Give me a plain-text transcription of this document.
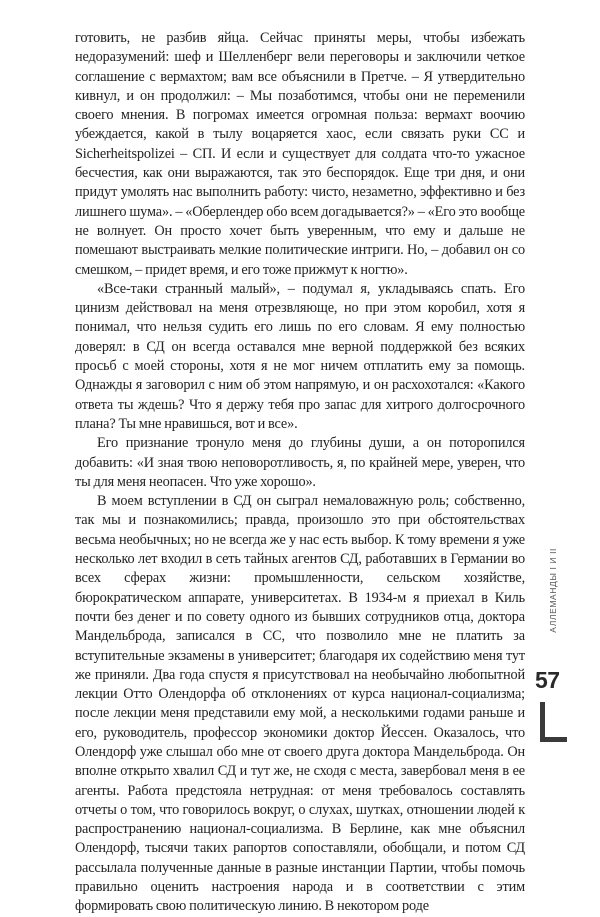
готовить, не разбив яйца. Сейчас приняты меры, чтобы избежать недоразумений: шеф и Шелленберг вели переговоры и заключили четкое соглашение с вермахтом; вам все объяснили в Претче. – Я утвердительно кивнул, и он продолжил: – Мы позаботимся, чтобы они не переменили своего мнения. В погромах имеется огромная польза: вермахт воочию убеждается, какой в тылу воцаряется хаос, если связать руки СС и Sicherheitspolizei – СП. И если и существует для солдата что-то ужасное бесчестия, как они выражаются, так это беспорядок. Еще три дня, и они придут умолять нас выполнить работу: чисто, незаметно, эффективно и без лишнего шума». – «Оберлендер обо всем догадывается?» – «Его это вообще не волнует. Он просто хочет быть уверенным, что ему и дальше не помешают выстраивать мелкие политические интриги. Но, – добавил он со смешком, – придет время, и его тоже прижмут к ногтю».

«Все-таки странный малый», – подумал я, укладываясь спать. Его цинизм действовал на меня отрезвляюще, но при этом коробил, хотя я понимал, что нельзя судить его лишь по его словам. Я ему полностью доверял: в СД он всегда оставался мне верной поддержкой без всяких просьб с моей стороны, хотя я не мог ничем отплатить ему за помощь. Однажды я заговорил с ним об этом напрямую, и он расхохотался: «Какого ответа ты ждешь? Что я держу тебя про запас для хитрого долгосрочного плана? Ты мне нравишься, вот и все».

Его признание тронуло меня до глубины души, а он поторопился добавить: «И зная твою неповоротливость, я, по крайней мере, уверен, что ты для меня неопасен. Что уже хорошо».

В моем вступлении в СД он сыграл немаловажную роль; собственно, так мы и познакомились; правда, произошло это при обстоятельствах весьма необычных; но не всегда же у нас есть выбор. К тому времени я уже несколько лет входил в сеть тайных агентов СД, работавших в Германии во всех сферах жизни: промышленности, сельском хозяйстве, бюрократическом аппарате, университетах. В 1934-м я приехал в Киль почти без денег и по совету одного из бывших сотрудников отца, доктора Мандельброда, записался в СС, что позволило мне не платить за вступительные экзамены в университет; благодаря их содействию меня тут же приняли. Два года спустя я присутствовал на необычайно любопытной лекции Отто Олендорфа об отклонениях от курса национал-социализма; после лекции меня представили ему мой, а несколькими годами раньше и его, руководитель, профессор экономики доктор Йессен. Оказалось, что Олендорф уже слышал обо мне от своего друга доктора Мандельброда. Он вполне открыто хвалил СД и тут же, не сходя с места, завербовал меня в ее агенты. Работа предстояла нетрудная: от меня требовалось составлять отчеты о том, что говорилось вокруг, о слухах, шутках, отношении людей к распространению национал-социализма. В Берлине, как мне объяснил Олендорф, тысячи таких рапортов сопоставляли, обобщали, и потом СД рассылала полученные данные в разные инстанции Партии, чтобы помочь правильно оценить настроения народа и в соответствии с этим формировать свою политическую линию. В некотором роде

АЛЛЕМАНДЫ I И II
57
